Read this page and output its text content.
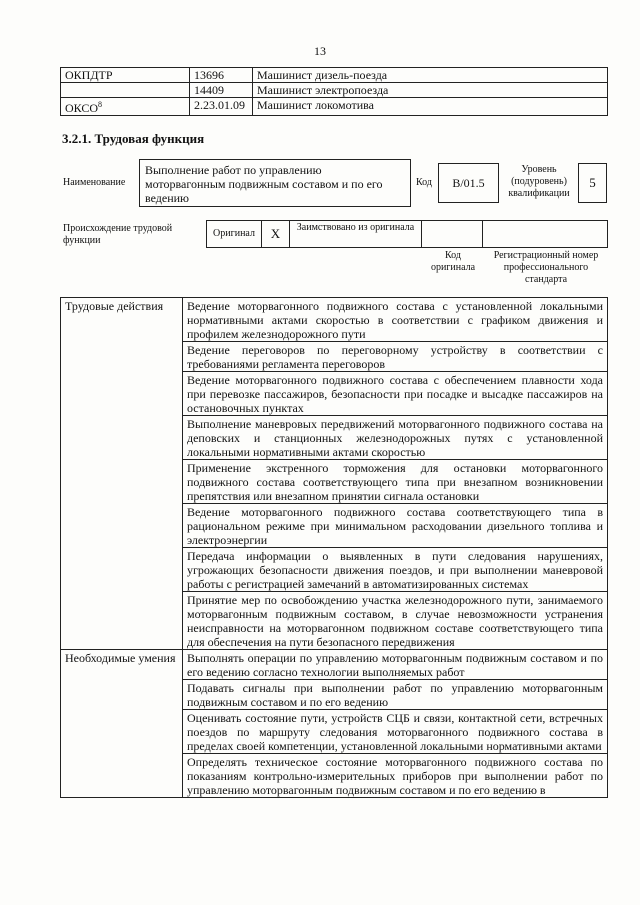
13
ОКПДТР	13696	Машинист дизель-поезда
	14409	Машинист электропоезда
ОКСО$^8$	2.23.01.09	Машинист локомотива
3.2.1. Трудовая функция
Наименование
Выполнение работ по управлению моторвагонным подвижным составом и по его ведению
Код	B/01.5
Уровень (подуровень) квалификации
5
Происхождение трудовой функции
Оригинал	X	Заимствовано из оригинала
Код оригинала
Регистрационный номер профессионального стандарта
Трудовые действия	Ведение моторвагонного подвижного состава с установленной локальными нормативными актами скоростью в соответствии с графиком движения и профилем железнодорожного пути
	Ведение переговоров по переговорному устройству в соответствии с требованиями регламента переговоров
	Ведение моторвагонного подвижного состава с обеспечением плавности хода при перевозке пассажиров, безопасности при посадке и высадке пассажиров на остановочных пунктах
	Выполнение маневровых передвижений моторвагонного подвижного состава на деповских и станционных железнодорожных путях с установленной локальными нормативными актами скоростью
	Применение экстренного торможения для остановки моторвагонного подвижного состава соответствующего типа при внезапном возникновении препятствия или внезапном принятии сигнала остановки
	Ведение моторвагонного подвижного состава соответствующего типа в рациональном режиме при минимальном расходовании дизельного топлива и электроэнергии
	Передача информации о выявленных в пути следования нарушениях, угрожающих безопасности движения поездов, и при выполнении маневровой работы с регистрацией замечаний в автоматизированных системах
	Принятие мер по освобождению участка железнодорожного пути, занимаемого моторвагонным подвижным составом, в случае невозможности устранения неисправности на моторвагонном подвижном составе соответствующего типа для обеспечения на пути безопасного передвижения
Необходимые умения	Выполнять операции по управлению моторвагонным подвижным составом и по его ведению согласно технологии выполняемых работ
	Подавать сигналы при выполнении работ по управлению моторвагонным подвижным составом и по его ведению
	Оценивать состояние пути, устройств СЦБ и связи, контактной сети, встречных поездов по маршруту следования моторвагонного подвижного состава в пределах своей компетенции, установленной локальными нормативными актами
	Определять техническое состояние моторвагонного подвижного состава по показаниям контрольно-измерительных приборов при выполнении работ по управлению моторвагонным подвижным составом и по его ведению в
